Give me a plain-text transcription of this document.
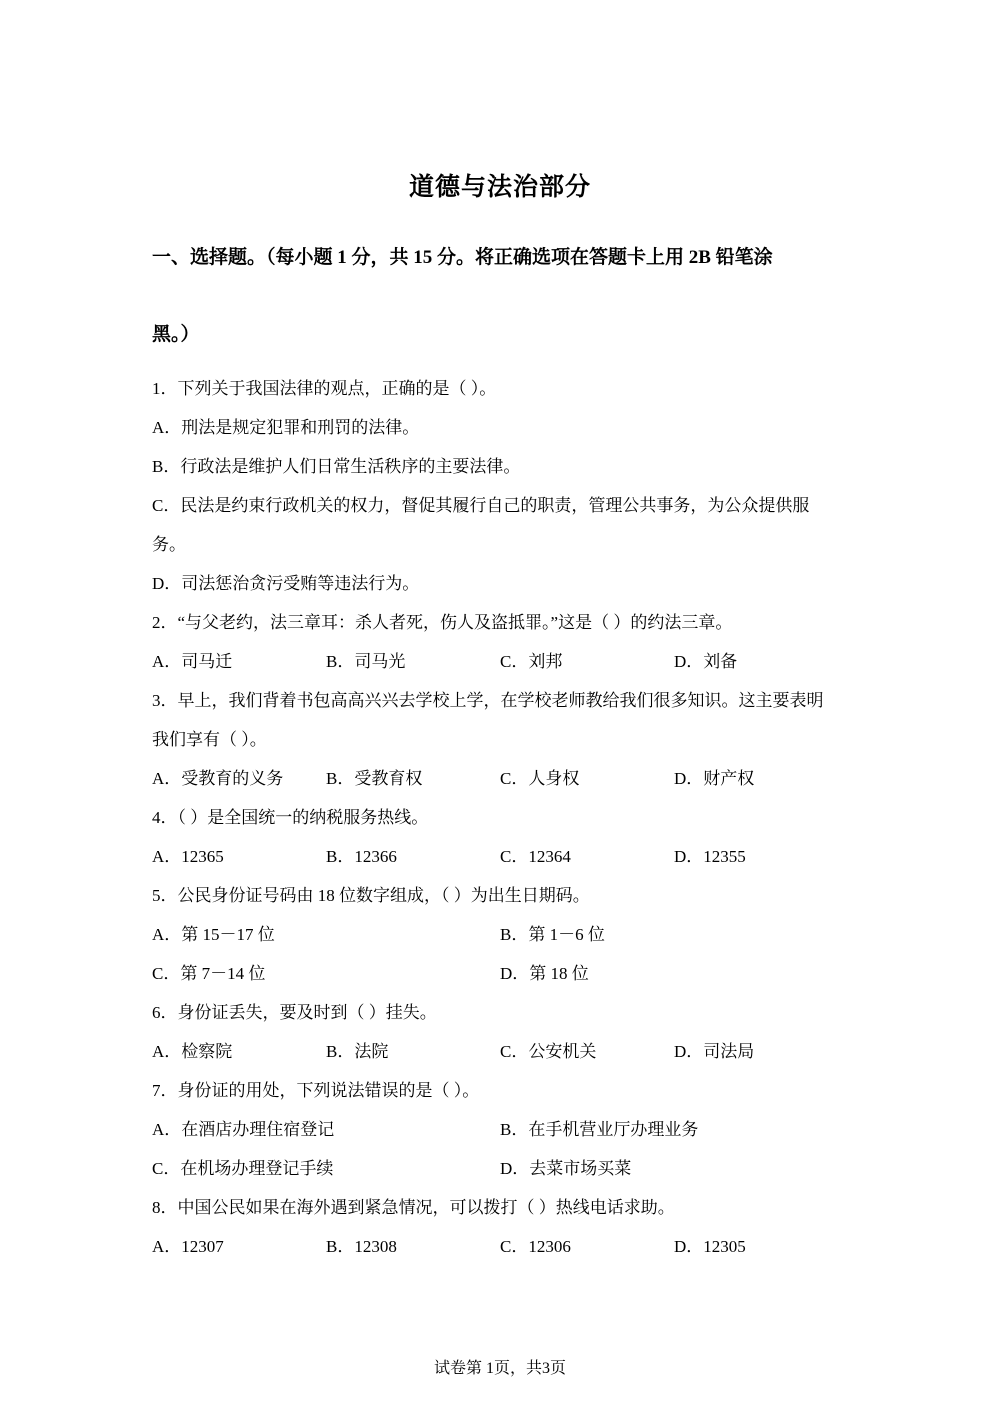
道德与法治部分
一、选择题。（每小题 1 分，共 15 分。将正确选项在答题卡上用 2B 铅笔涂
黑。）
1．下列关于我国法律的观点，正确的是（ ）。
A．刑法是规定犯罪和刑罚的法律。
B．行政法是维护人们日常生活秩序的主要法律。
C．民法是约束行政机关的权力，督促其履行自己的职责，管理公共事务，为公众提供服
务。
D．司法惩治贪污受贿等违法行为。
2．“与父老约，法三章耳：杀人者死，伤人及盗抵罪。”这是（ ）的约法三章。
A．司马迁	B．司马光	C．刘邦	D．刘备
3．早上，我们背着书包高高兴兴去学校上学，在学校老师教给我们很多知识。这主要表明
我们享有（ ）。
A．受教育的义务	B．受教育权	C．人身权	D．财产权
4．（ ）是全国统一的纳税服务热线。
A．12365	B．12366	C．12364	D．12355
5．公民身份证号码由 18 位数字组成，（ ）为出生日期码。
A．第 15－17 位	B．第 1－6 位
C．第 7－14 位	D．第 18 位
6．身份证丢失，要及时到（ ）挂失。
A．检察院	B．法院	C．公安机关	D．司法局
7．身份证的用处，下列说法错误的是（ ）。
A．在酒店办理住宿登记	B．在手机营业厅办理业务
C．在机场办理登记手续	D．去菜市场买菜
8．中国公民如果在海外遇到紧急情况，可以拨打（ ）热线电话求助。
A．12307	B．12308	C．12306	D．12305
试卷第 1页，共3页
